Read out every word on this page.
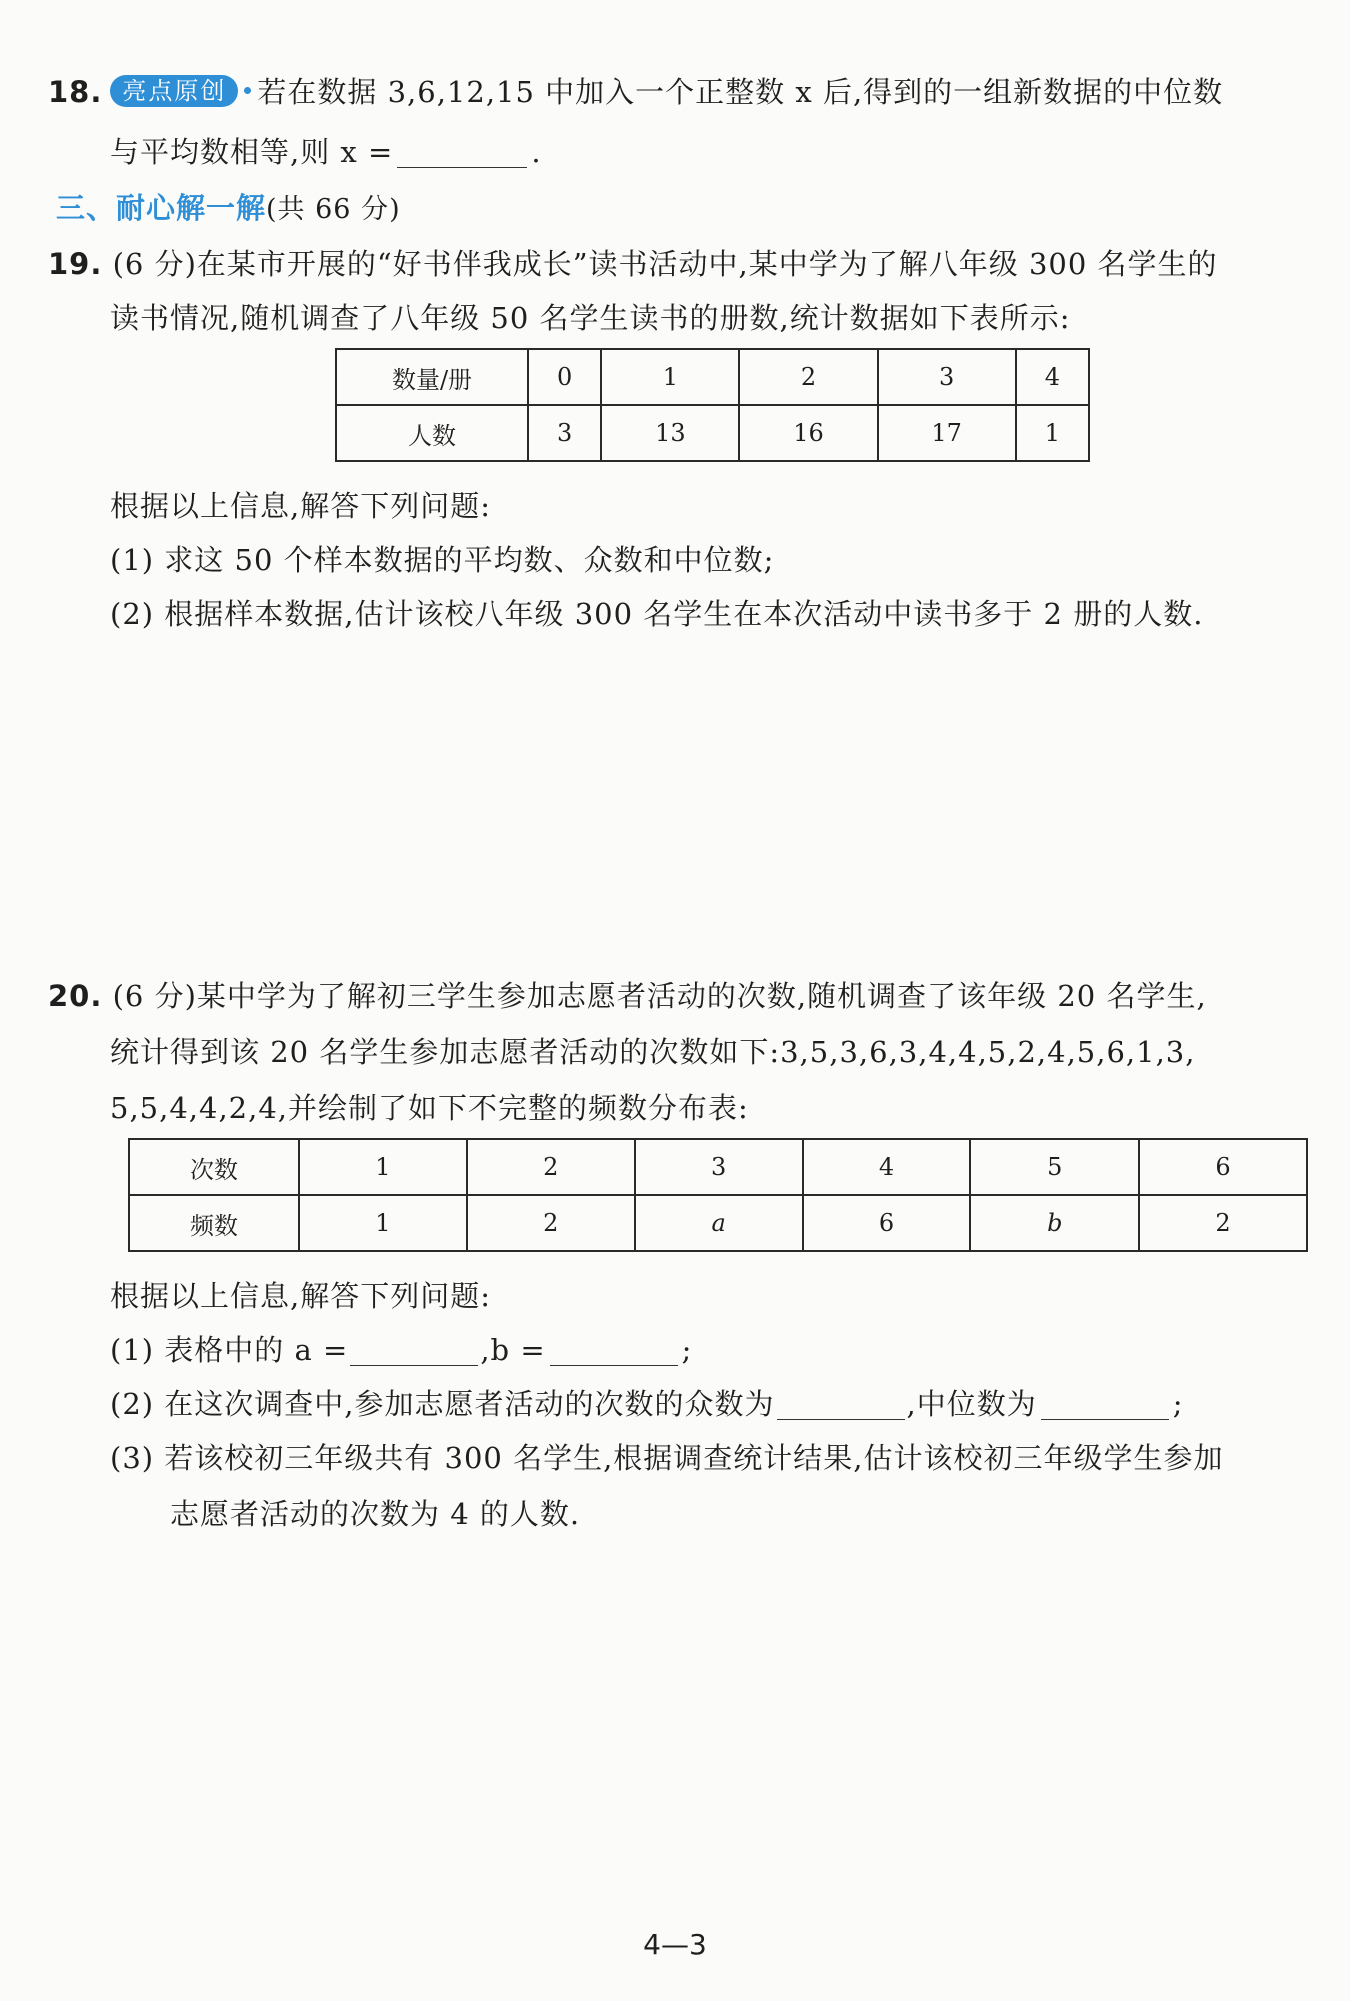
18. 亮点原创 若在数据 3,6,12,15 中加入一个正整数 x 后,得到的一组新数据的中位数
与平均数相等,则 x =	.
三、耐心解一解(共 66 分)
19. (6 分)在某市开展的“好书伴我成长”读书活动中,某中学为了解八年级 300 名学生的
读书情况,随机调查了八年级 50 名学生读书的册数,统计数据如下表所示:
数量/册	0	1	2	3	4
人数	3	13	16	17	1
根据以上信息,解答下列问题:
(1) 求这 50 个样本数据的平均数、众数和中位数;
(2) 根据样本数据,估计该校八年级 300 名学生在本次活动中读书多于 2 册的人数.
20. (6 分)某中学为了解初三学生参加志愿者活动的次数,随机调查了该年级 20 名学生,
统计得到该 20 名学生参加志愿者活动的次数如下:3,5,3,6,3,4,4,5,2,4,5,6,1,3,
5,5,4,4,2,4,并绘制了如下不完整的频数分布表:
次数	1	2	3	4	5	6
频数	1	2	a	6	b	2
根据以上信息,解答下列问题:
(1) 表格中的 a =	,b =	;
(2) 在这次调查中,参加志愿者活动的次数的众数为	,中位数为	;
(3) 若该校初三年级共有 300 名学生,根据调查统计结果,估计该校初三年级学生参加
志愿者活动的次数为 4 的人数.
4—3
